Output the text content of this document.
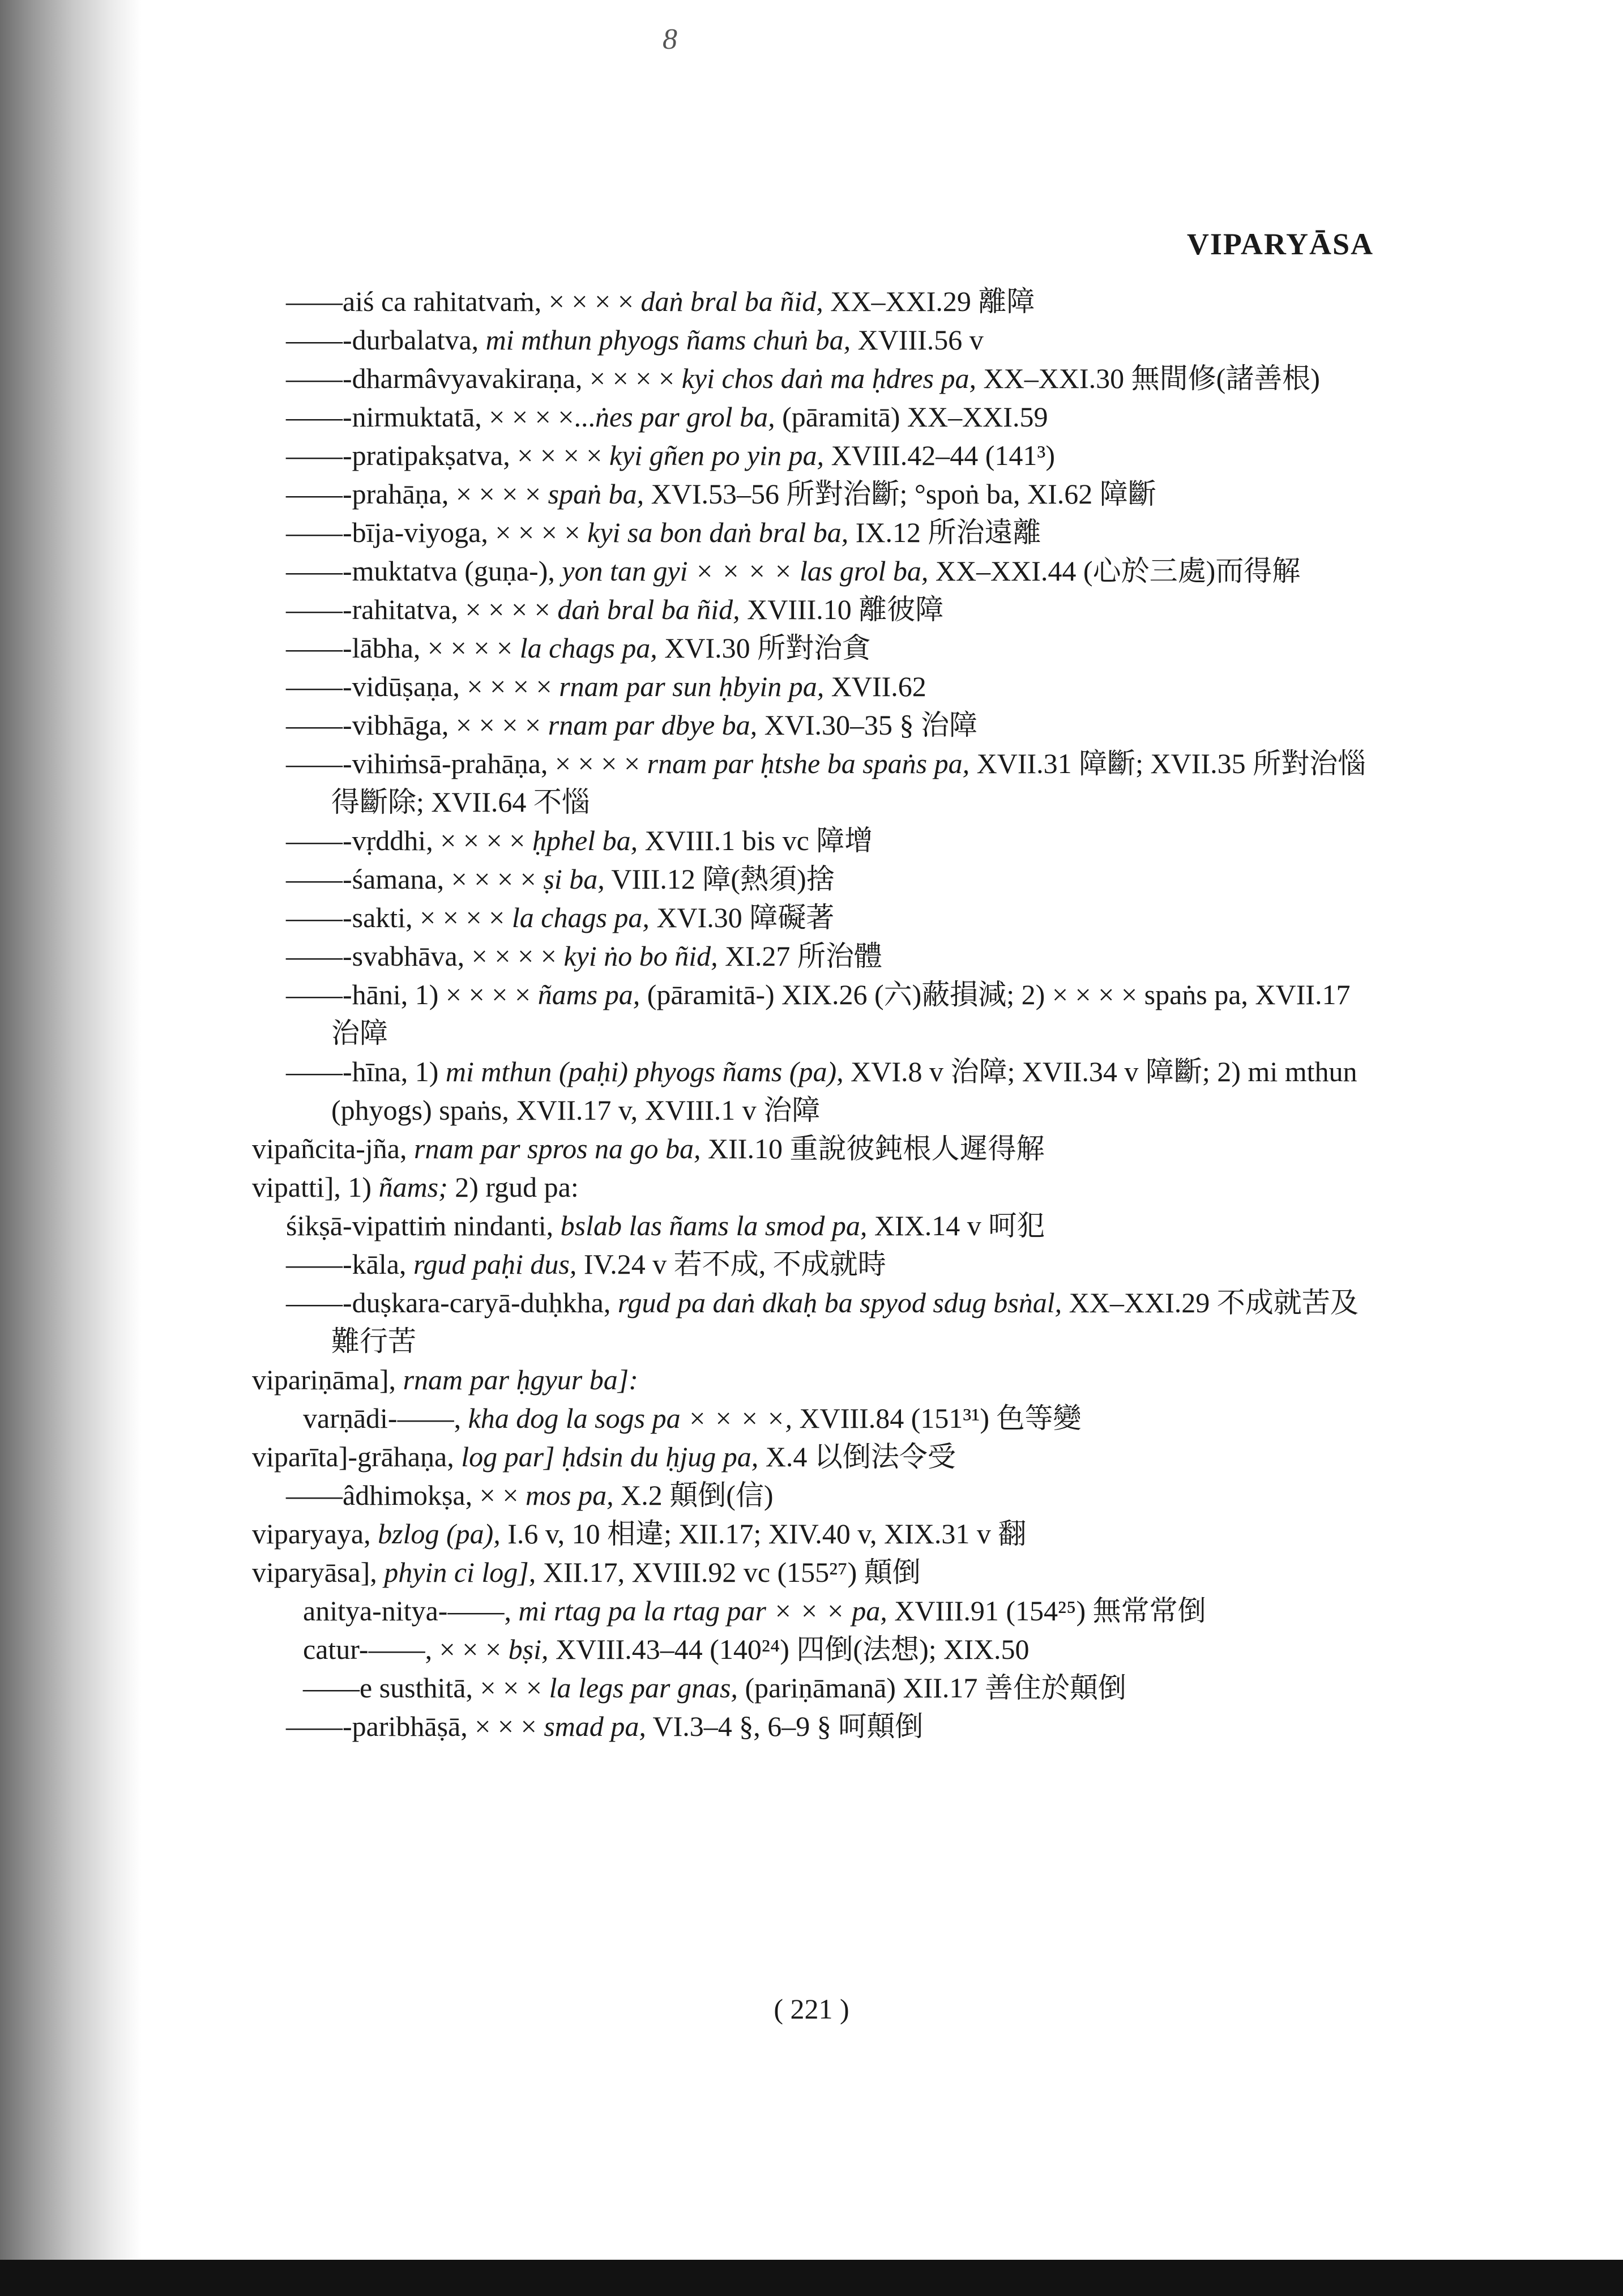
8
VIPARYĀSA
——aiś ca rahitatvaṁ, × × × × daṅ bral ba ñid, XX–XXI.29 離障
——-durbalatva, mi mthun phyogs ñams chuṅ ba, XVIII.56 v
——-dharmâvyavakiraṇa, × × × × kyi chos daṅ ma ḥdres pa, XX–XXI.30 無間修(諸善根)
——-nirmuktatā, × × × ×...ṅes par grol ba, (pāramitā) XX–XXI.59
——-pratipakṣatva, × × × × kyi gñen po yin pa, XVIII.42–44 (141³)
——-prahāṇa, × × × × spaṅ ba, XVI.53–56 所對治斷; °spoṅ ba, XI.62 障斷
——-bīja-viyoga, × × × × kyi sa bon daṅ bral ba, IX.12 所治遠離
——-muktatva (guṇa-), yon tan gyi × × × × las grol ba, XX–XXI.44 (心於三處)而得解
——-rahitatva, × × × × daṅ bral ba ñid, XVIII.10 離彼障
——-lābha, × × × × la chags pa, XVI.30 所對治貪
——-vidūṣaṇa, × × × × rnam par sun ḥbyin pa, XVII.62
——-vibhāga, × × × × rnam par dbye ba, XVI.30–35 § 治障
——-vihiṁsā-prahāṇa, × × × × rnam par ḥtshe ba spaṅs pa, XVII.31 障斷; XVII.35 所對治惱得斷除; XVII.64 不惱
——-vṛddhi, × × × × ḥphel ba, XVIII.1 bis vc 障增
——-śamana, × × × × ṣi ba, VIII.12 障(熱須)捨
——-sakti, × × × × la chags pa, XVI.30 障礙著
——-svabhāva, × × × × kyi ṅo bo ñid, XI.27 所治體
——-hāni, 1) × × × × ñams pa, (pāramitā-) XIX.26 (六)蔽損減; 2) × × × × spaṅs pa, XVII.17 治障
——-hīna, 1) mi mthun (paḥi) phyogs ñams (pa), XVI.8 v 治障; XVII.34 v 障斷; 2) mi mthun (phyogs) spaṅs, XVII.17 v, XVIII.1 v 治障
vipañcita-jña, rnam par spros na go ba, XII.10 重說彼鈍根人遲得解
vipatti], 1) ñams; 2) rgud pa:
śikṣā-vipattiṁ nindanti, bslab las ñams la smod pa, XIX.14 v 呵犯
——-kāla, rgud paḥi dus, IV.24 v 若不成, 不成就時
——-duṣkara-caryā-duḥkha, rgud pa daṅ dkaḥ ba spyod sdug bsṅal, XX–XXI.29 不成就苦及難行苦
vipariṇāma], rnam par ḥgyur ba]:
varṇādi-——, kha dog la sogs pa × × × ×, XVIII.84 (151³¹) 色等變
viparīta]-grāhaṇa, log par] ḥdsin du ḥjug pa, X.4 以倒法令受
——âdhimokṣa, × × mos pa, X.2 顛倒(信)
viparyaya, bzlog (pa), I.6 v, 10 相違; XII.17; XIV.40 v, XIX.31 v 翻
viparyāsa], phyin ci log], XII.17, XVIII.92 vc (155²⁷) 顛倒
anitya-nitya-——, mi rtag pa la rtag par × × × pa, XVIII.91 (154²⁵) 無常常倒
catur-——, × × × bṣi, XVIII.43–44 (140²⁴) 四倒(法想); XIX.50
——e susthitā, × × × la legs par gnas, (pariṇāmanā) XII.17 善住於顛倒
——-paribhāṣā, × × × smad pa, VI.3–4 §, 6–9 § 呵顛倒
( 221 )
